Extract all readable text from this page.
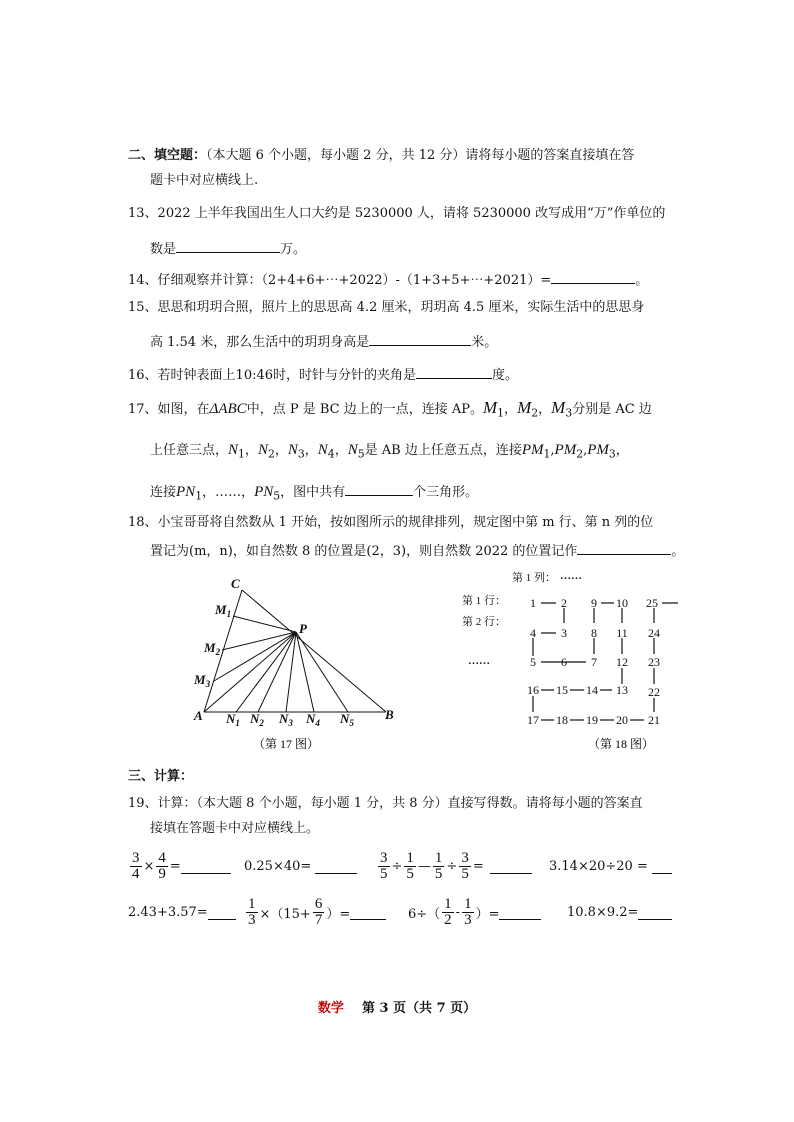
二、填空题：（本大题 6 个小题，每小题 2 分，共 12 分）请将每小题的答案直接填在答
题卡中对应横线上.
13、2022 上半年我国出生人口大约是 5230000 人，请将 5230000 改写成用“万”作单位的
数是	万。
14、仔细观察并计算：（2+4+6+⋯+2022）-（1+3+5+⋯+2021）=	。
15、思思和玥玥合照，照片上的思思高 4.2 厘米，玥玥高 4.5 厘米，实际生活中的思思身
高 1.54 米，那么生活中的玥玥身高是	米。
16、若时钟表面上10:46时，时针与分针的夹角是	度。
17、如图，在ΔABC中，点 P 是 BC 边上的一点，连接 AP。$M_1$，$M_2$，$M_3$分别是 AC 边
上任意三点，$N_1$，$N_2$，$N_3$，$N_4$，$N_5$是 AB 边上任意五点，连接$PM_1,PM_2,PM_3$，
连接$PN_1$，……，$PN_5$，图中共有	个三角形。
18、小宝哥哥将自然数从 1 开始，按如图所示的规律排列，规定图中第 m 行、第 n 列的位
置记为(m，n)，如自然数 8 的位置是(2，3)，则自然数 2022 的位置记作	。
C
P
A	B
$M_1$
$M_2$
$M_3$
$N_1$ $N_2$ $N_3$ $N_4$ $N_5$
（第 17 图）
第 1 列： ……
第 1 行：
第 2 行：
……
1 2
3
4
5 6 7
8
9 10
11
12
13
14
15
16
17 18 19 20 21
22
23
24
25
（第 18 图）
三、计算：
19、计算：（本大题 8 个小题，每小题 1 分，共 8 分）直接写得数。请将每小题的答案直
接填在答题卡中对应横线上。
$\frac{3}{4} \times \frac{4}{9}$ =	0.25×40=	$\frac{3}{5} \div \frac{1}{5}$ — $\frac{1}{5} \div \frac{3}{5}$ =	3.14×20÷20 =
2.43+3.57=	$\frac{1}{3} \times(15+ \frac{6}{7}$ ）=	$6\div( \frac{1}{2} - \frac{1}{3}$ ）=	10.8×9.2=
数学 第 3 页（共 7 页）
